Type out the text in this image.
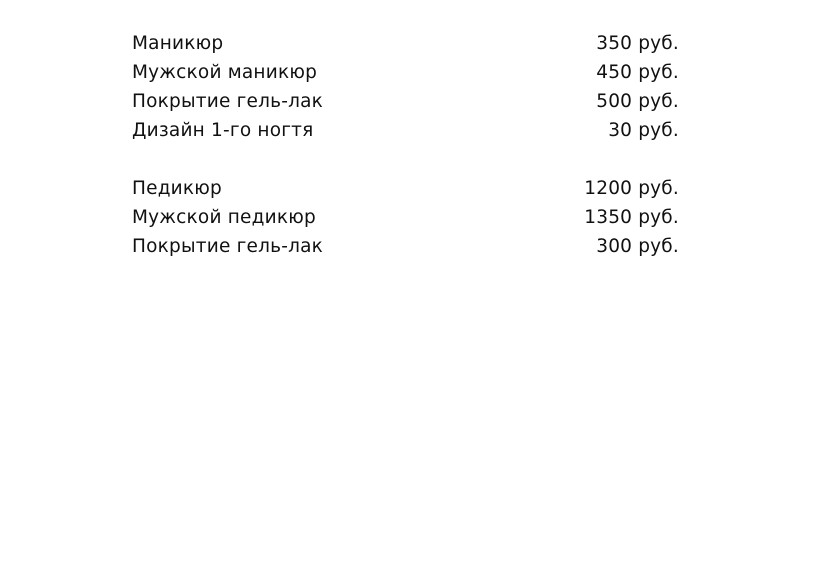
Маникюр	350 руб.
Мужской маникюр	450 руб.
Покрытие гель-лак	500 руб.
Дизайн 1-го ногтя	30 руб.
Педикюр	1200 руб.
Мужской педикюр	1350 руб.
Покрытие гель-лак	300 руб.
